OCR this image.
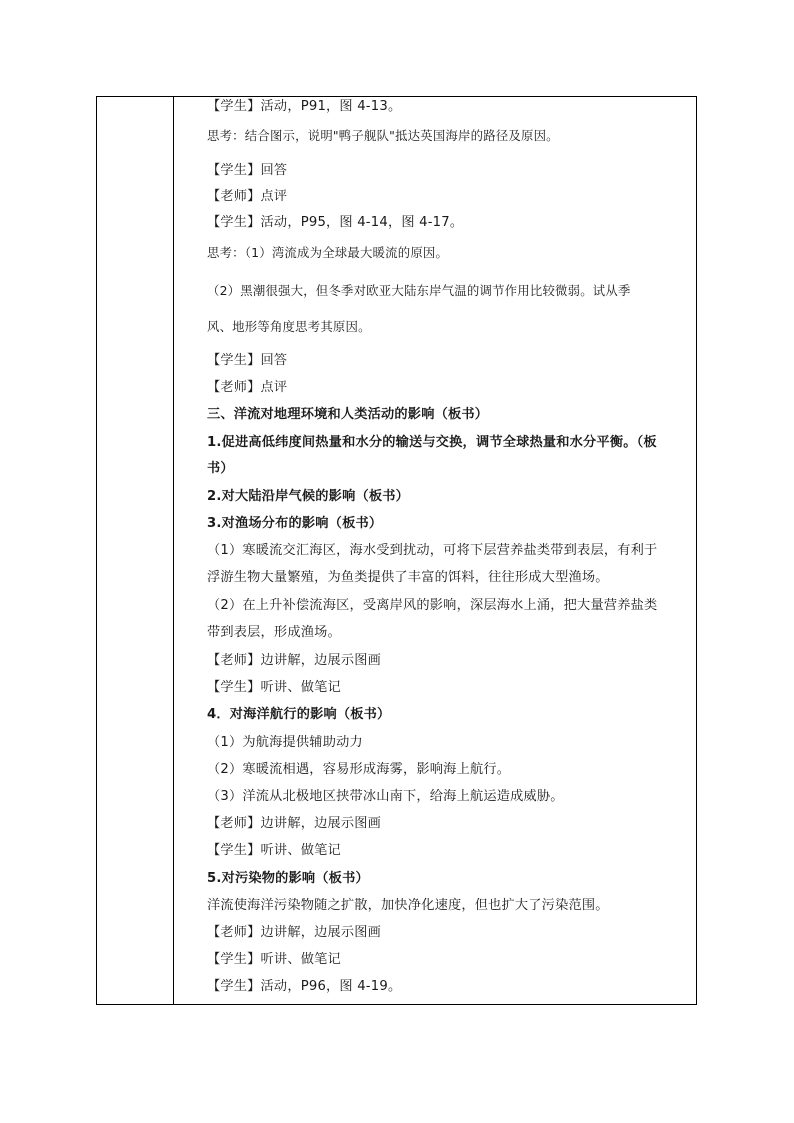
【学生】活动，P91，图 4-13。
思考：结合图示，说明"鸭子舰队"抵达英国海岸的路径及原因。
【学生】回答
【老师】点评
【学生】活动，P95，图 4-14，图 4-17。
思考：（1）湾流成为全球最大暖流的原因。
（2）黑潮很强大，但冬季对欧亚大陆东岸气温的调节作用比较微弱。试从季
风、地形等角度思考其原因。
【学生】回答
【老师】点评
三、洋流对地理环境和人类活动的影响（板书）
1.促进高低纬度间热量和水分的输送与交换，调节全球热量和水分平衡。（板
书）
2.对大陆沿岸气候的影响（板书）
3.对渔场分布的影响（板书）
（1）寒暖流交汇海区，海水受到扰动，可将下层营养盐类带到表层，有利于
浮游生物大量繁殖，为鱼类提供了丰富的饵料，往往形成大型渔场。
（2）在上升补偿流海区，受离岸风的影响，深层海水上涌，把大量营养盐类
带到表层，形成渔场。
【老师】边讲解，边展示图画
【学生】听讲、做笔记
4．对海洋航行的影响（板书）
（1）为航海提供辅助动力
（2）寒暖流相遇，容易形成海雾，影响海上航行。
（3）洋流从北极地区挟带冰山南下，给海上航运造成威胁。
【老师】边讲解，边展示图画
【学生】听讲、做笔记
5.对污染物的影响（板书）
洋流使海洋污染物随之扩散，加快净化速度，但也扩大了污染范围。
【老师】边讲解，边展示图画
【学生】听讲、做笔记
【学生】活动，P96，图 4-19。
